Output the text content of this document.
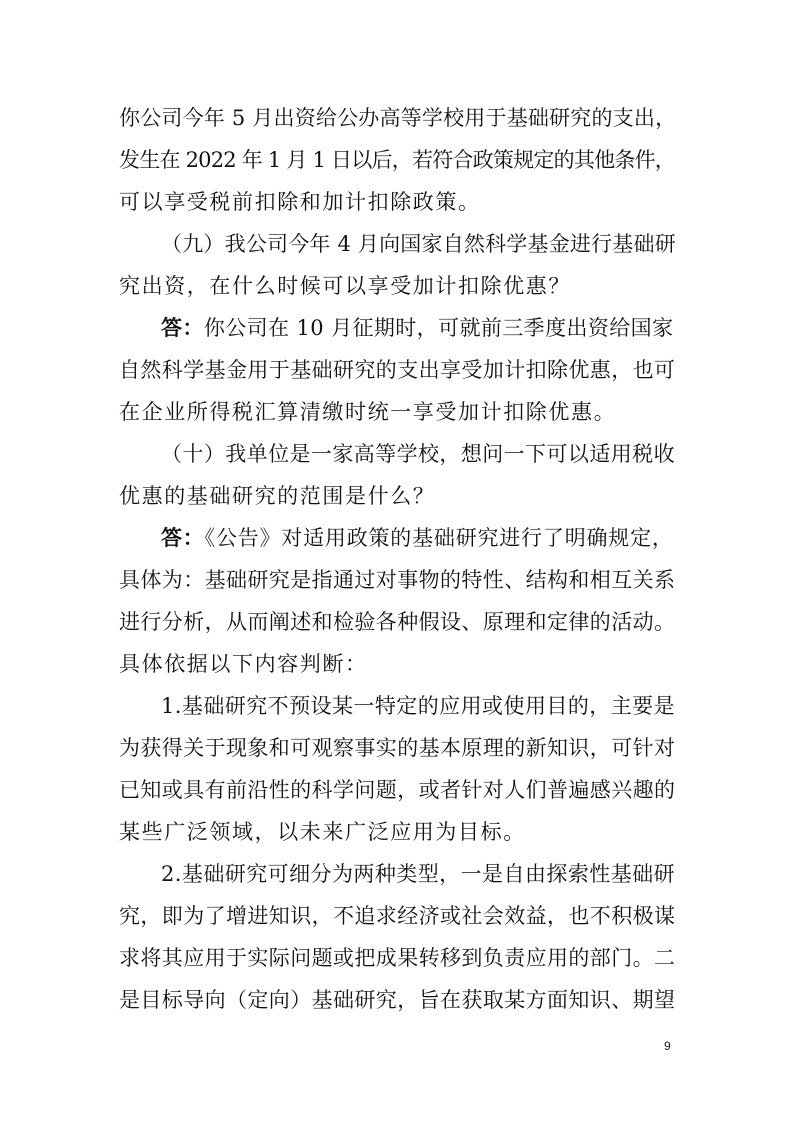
你公司今年 5 月出资给公办高等学校用于基础研究的支出，
发生在 2022 年 1 月 1 日以后，若符合政策规定的其他条件，
可以享受税前扣除和加计扣除政策。
（九）我公司今年 4 月向国家自然科学基金进行基础研
究出资，在什么时候可以享受加计扣除优惠？
答：你公司在 10 月征期时，可就前三季度出资给国家
自然科学基金用于基础研究的支出享受加计扣除优惠，也可
在企业所得税汇算清缴时统一享受加计扣除优惠。
（十）我单位是一家高等学校，想问一下可以适用税收
优惠的基础研究的范围是什么？
答：《公告》对适用政策的基础研究进行了明确规定，
具体为：基础研究是指通过对事物的特性、结构和相互关系
进行分析，从而阐述和检验各种假设、原理和定律的活动。
具体依据以下内容判断：
1.基础研究不预设某一特定的应用或使用目的，主要是
为获得关于现象和可观察事实的基本原理的新知识，可针对
已知或具有前沿性的科学问题，或者针对人们普遍感兴趣的
某些广泛领域，以未来广泛应用为目标。
2.基础研究可细分为两种类型，一是自由探索性基础研
究，即为了增进知识，不追求经济或社会效益，也不积极谋
求将其应用于实际问题或把成果转移到负责应用的部门。二
是目标导向（定向）基础研究，旨在获取某方面知识、期望
9
